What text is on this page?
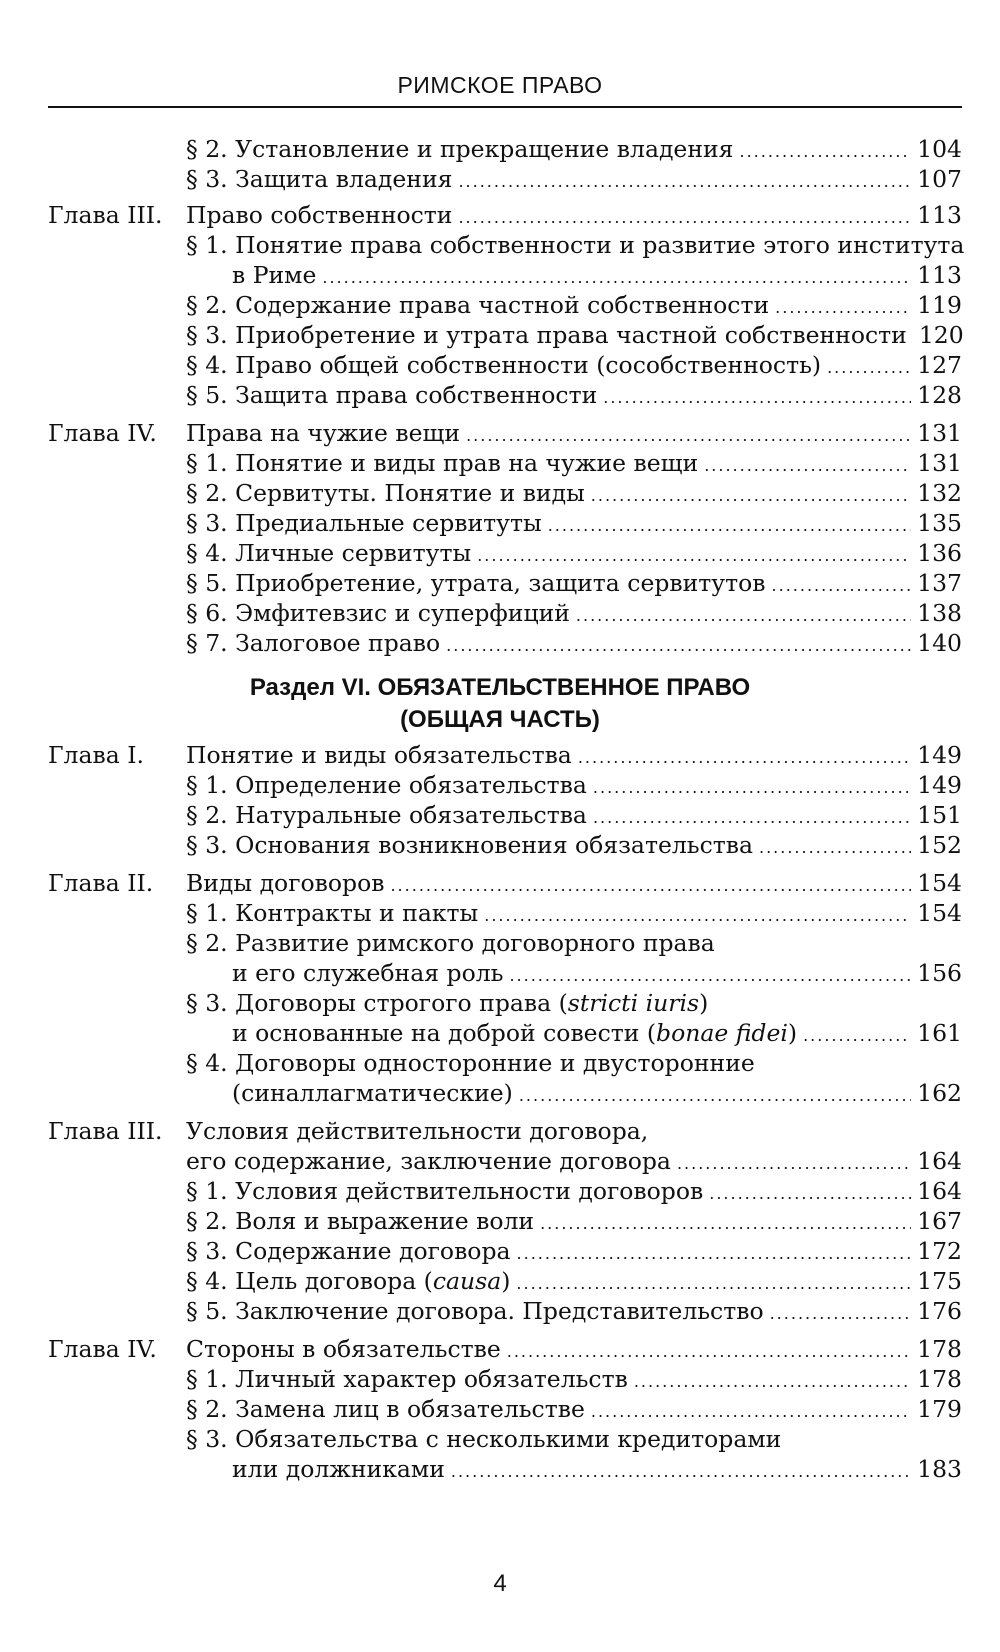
РИМСКОЕ ПРАВО
§ 2. Установление и прекращение владения .....	104
§ 3. Защита владения .....	107
Глава III. Право собственности .....	113
§ 1. Понятие права собственности и развитие этого института
в Риме .....	113
§ 2. Содержание права частной собственности .....	119
§ 3. Приобретение и утрата права частной собственности 120
§ 4. Право общей собственности (сособственность) .....	127
§ 5. Защита права собственности .....	128
Глава IV. Права на чужие вещи .....	131
§ 1. Понятие и виды прав на чужие вещи .....	131
§ 2. Сервитуты. Понятие и виды .....	132
§ 3. Предиальные сервитуты .....	135
§ 4. Личные сервитуты .....	136
§ 5. Приобретение, утрата, защита сервитутов .....	137
§ 6. Эмфитевзис и суперфиций .....	138
§ 7. Залоговое право .....	140
Раздел VI. ОБЯЗАТЕЛЬСТВЕННОЕ ПРАВО
(ОБЩАЯ ЧАСТЬ)
Глава I. Понятие и виды обязательства .....	149
§ 1. Определение обязательства .....	149
§ 2. Натуральные обязательства .....	151
§ 3. Основания возникновения обязательства .....	152
Глава II. Виды договоров .....	154
§ 1. Контракты и пакты .....	154
§ 2. Развитие римского договорного права
и его служебная роль .....	156
§ 3. Договоры строгого права (stricti iuris)
и основанные на доброй совести (bonae fidei) .....	161
§ 4. Договоры односторонние и двусторонние
(синаллагматические) .....	162
Глава III. Условия действительности договора,
его содержание, заключение договора .....	164
§ 1. Условия действительности договоров .....	164
§ 2. Воля и выражение воли .....	167
§ 3. Содержание договора .....	172
§ 4. Цель договора (causa) .....	175
§ 5. Заключение договора. Представительство .....	176
Глава IV. Стороны в обязательстве .....	178
§ 1. Личный характер обязательств .....	178
§ 2. Замена лиц в обязательстве .....	179
§ 3. Обязательства с несколькими кредиторами
или должниками .....	183
4
